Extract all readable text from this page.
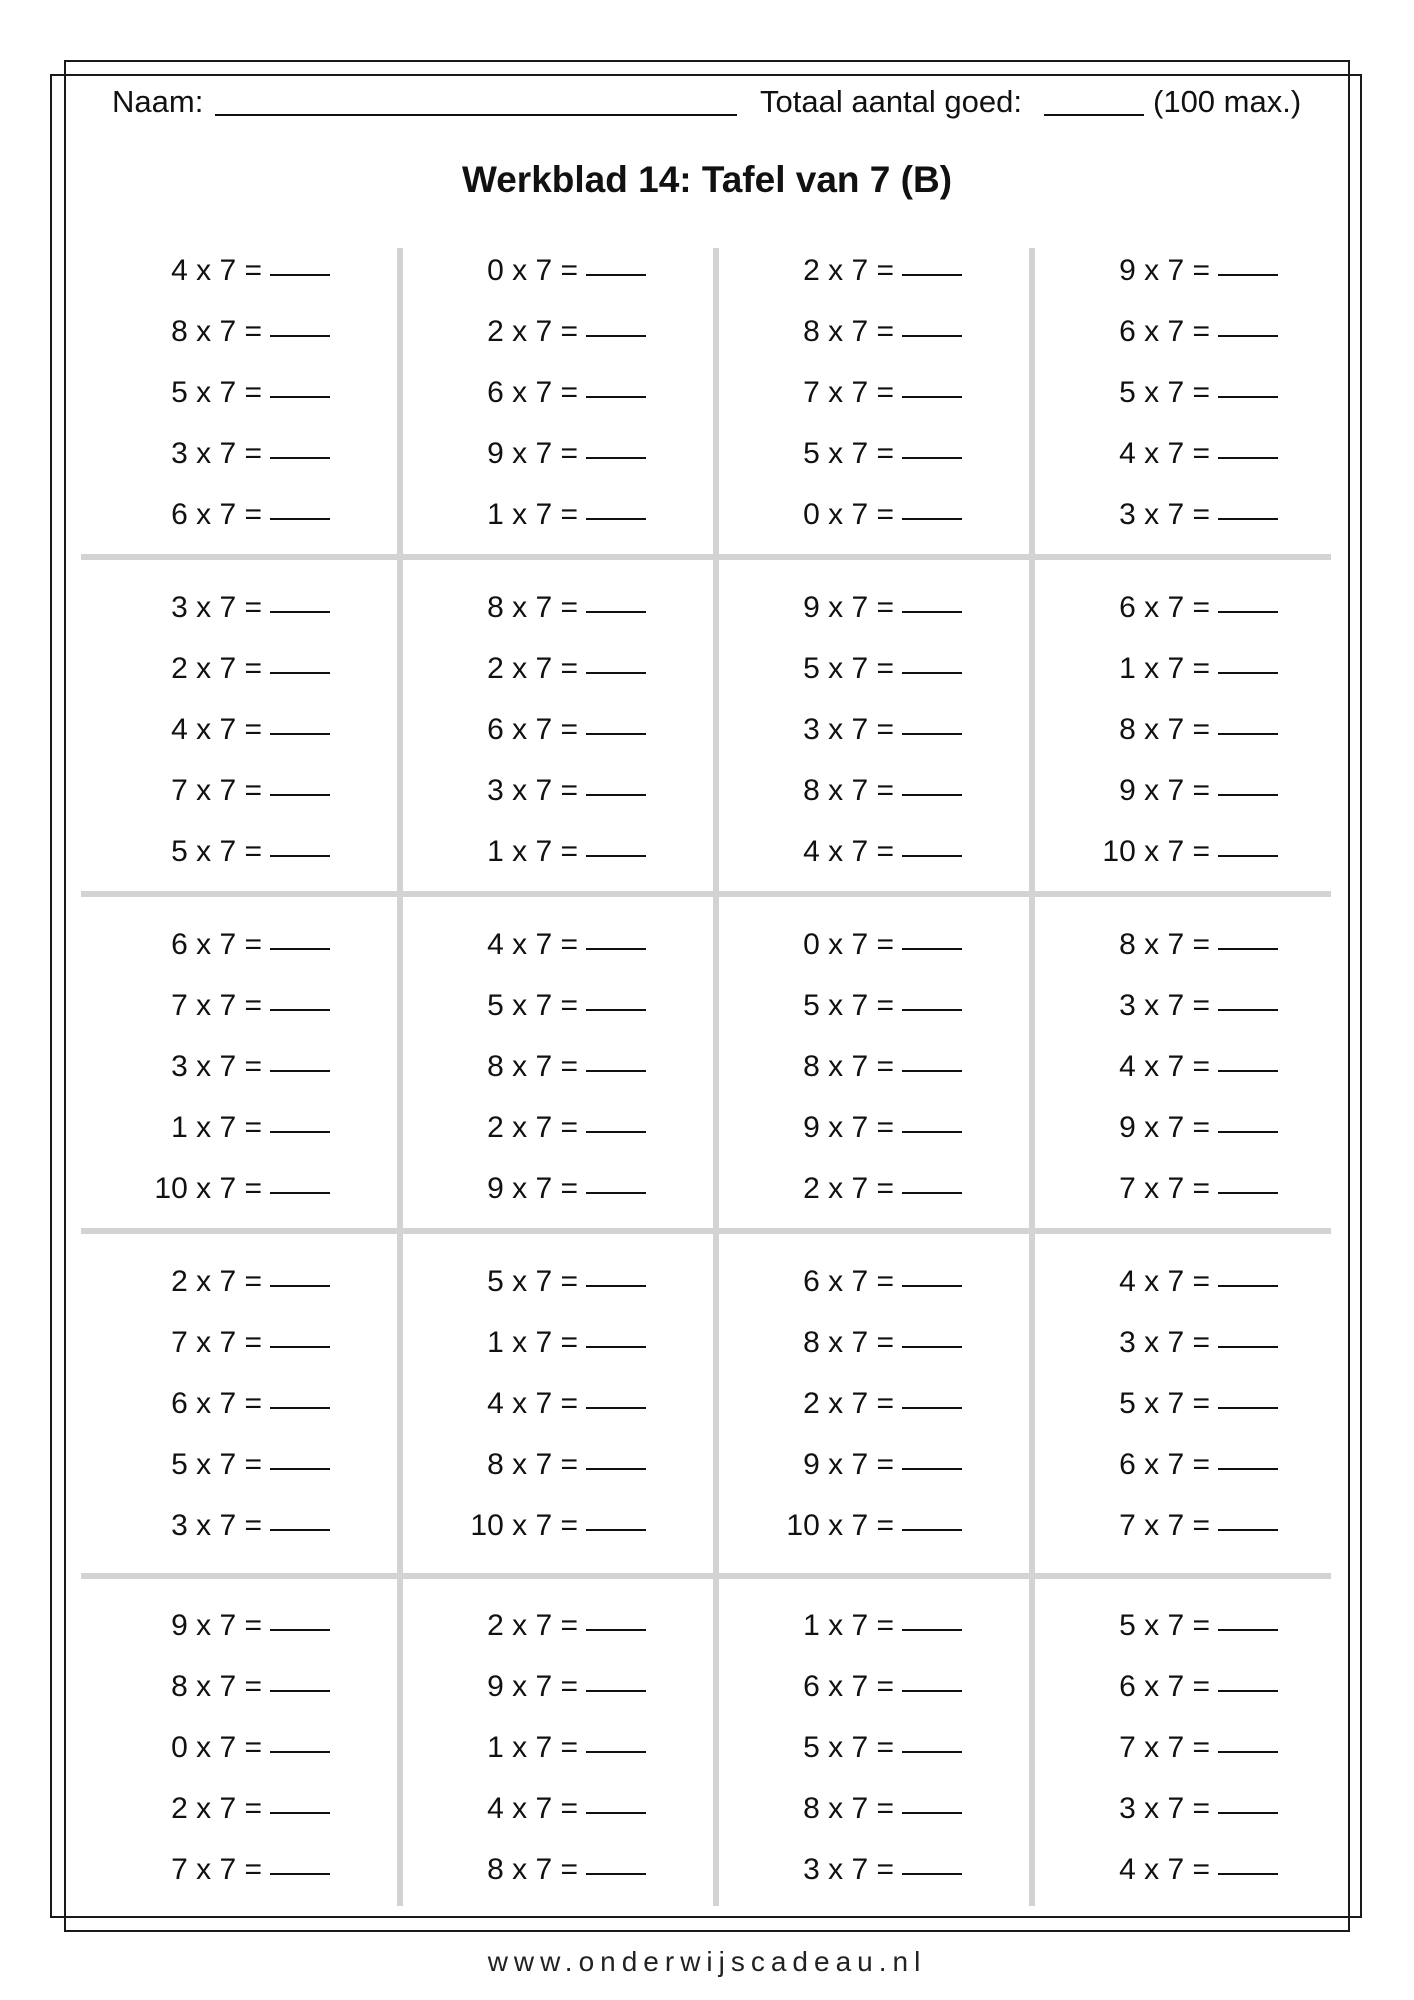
Naam:	Totaal aantal goed:	(100 max.)
Werkblad 14: Tafel van 7 (B)
4 x 7 =
8 x 7 =
5 x 7 =
3 x 7 =
6 x 7 =
0 x 7 =
2 x 7 =
6 x 7 =
9 x 7 =
1 x 7 =
2 x 7 =
8 x 7 =
7 x 7 =
5 x 7 =
0 x 7 =
9 x 7 =
6 x 7 =
5 x 7 =
4 x 7 =
3 x 7 =
3 x 7 =
2 x 7 =
4 x 7 =
7 x 7 =
5 x 7 =
8 x 7 =
2 x 7 =
6 x 7 =
3 x 7 =
1 x 7 =
9 x 7 =
5 x 7 =
3 x 7 =
8 x 7 =
4 x 7 =
6 x 7 =
1 x 7 =
8 x 7 =
9 x 7 =
10 x 7 =
6 x 7 =
7 x 7 =
3 x 7 =
1 x 7 =
10 x 7 =
4 x 7 =
5 x 7 =
8 x 7 =
2 x 7 =
9 x 7 =
0 x 7 =
5 x 7 =
8 x 7 =
9 x 7 =
2 x 7 =
8 x 7 =
3 x 7 =
4 x 7 =
9 x 7 =
7 x 7 =
2 x 7 =
7 x 7 =
6 x 7 =
5 x 7 =
3 x 7 =
5 x 7 =
1 x 7 =
4 x 7 =
8 x 7 =
10 x 7 =
6 x 7 =
8 x 7 =
2 x 7 =
9 x 7 =
10 x 7 =
4 x 7 =
3 x 7 =
5 x 7 =
6 x 7 =
7 x 7 =
9 x 7 =
8 x 7 =
0 x 7 =
2 x 7 =
7 x 7 =
2 x 7 =
9 x 7 =
1 x 7 =
4 x 7 =
8 x 7 =
1 x 7 =
6 x 7 =
5 x 7 =
8 x 7 =
3 x 7 =
5 x 7 =
6 x 7 =
7 x 7 =
3 x 7 =
4 x 7 =
www.onderwijscadeau.nl
